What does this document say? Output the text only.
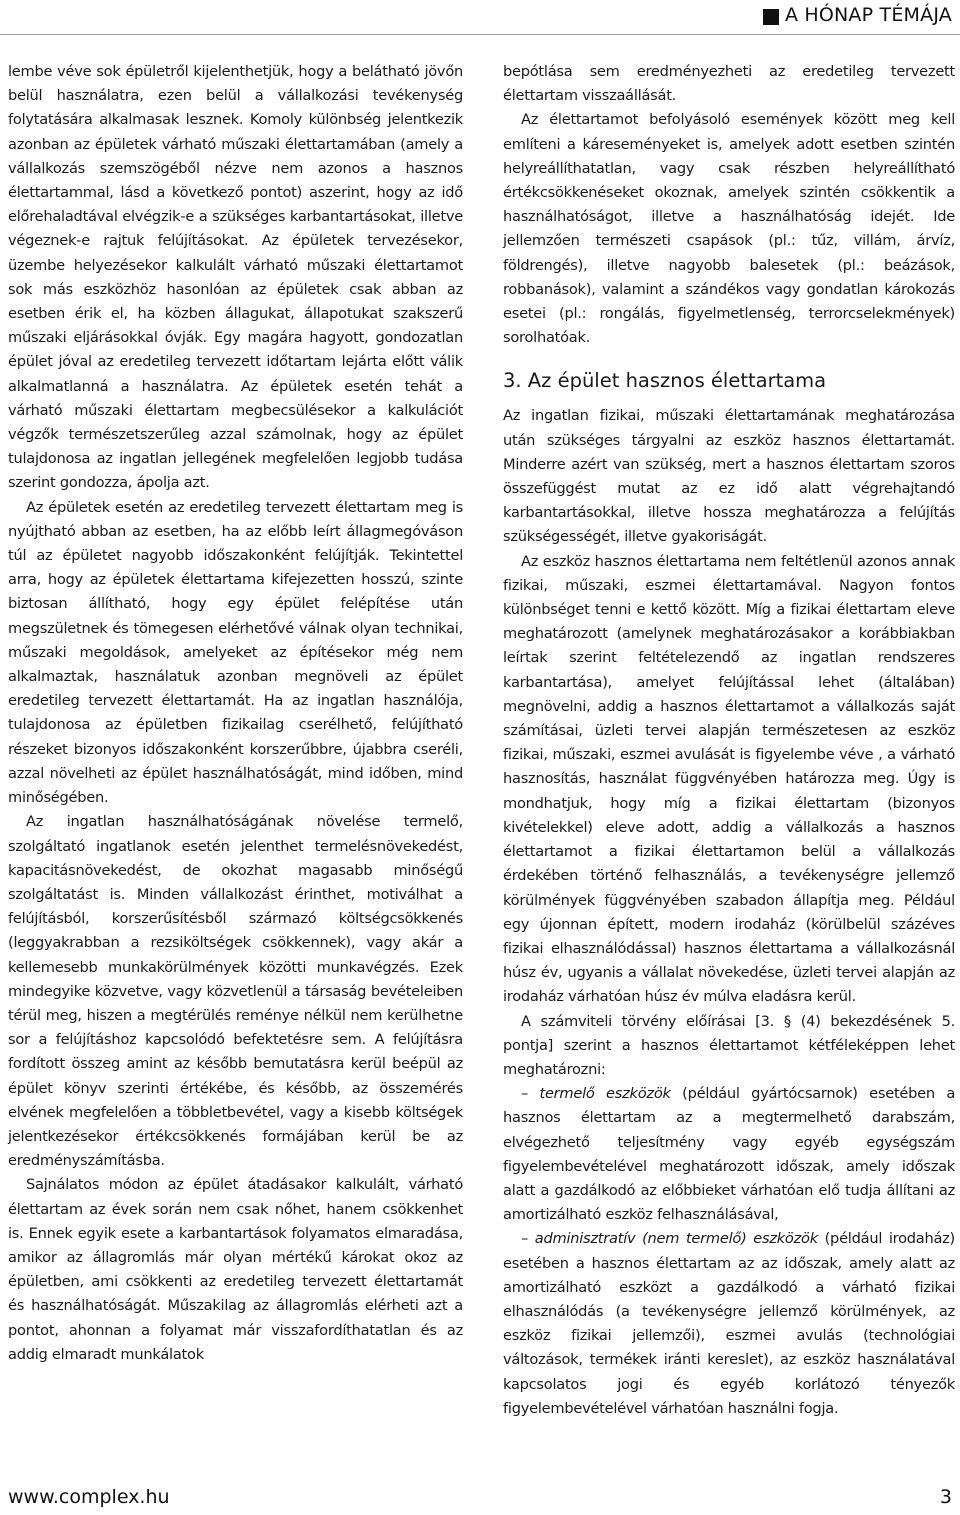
A HÓNAP TÉMÁJA

lembe véve sok épületről kijelenthetjük, hogy a belátható jövőn belül használatra, ezen belül a vállalkozási tevékenység folytatására alkalmasak lesznek. Komoly különbség jelentkezik azonban az épületek várható műszaki élettartamában (amely a vállalkozás szemszögéből nézve nem azonos a hasznos élettartammal, lásd a következő pontot) aszerint, hogy az idő előrehaladtával elvégzik-e a szükséges karbantartásokat, illetve végeznek-e rajtuk felújításokat. Az épületek tervezésekor, üzembe helyezésekor kalkulált várható műszaki élettartamot sok más eszközhöz hasonlóan az épületek csak abban az esetben érik el, ha közben állagukat, állapotukat szakszerű műszaki eljárásokkal óvják. Egy magára hagyott, gondozatlan épület jóval az eredetileg tervezett időtartam lejárta előtt válik alkalmatlanná a használatra. Az épületek esetén tehát a várható műszaki élettartam megbecsülésekor a kalkulációt végzők természetszerűleg azzal számolnak, hogy az épület tulajdonosa az ingatlan jellegének megfelelően legjobb tudása szerint gondozza, ápolja azt.

Az épületek esetén az eredetileg tervezett élettartam meg is nyújtható abban az esetben, ha az előbb leírt állagmegóváson túl az épületet nagyobb időszakonként felújítják. Tekintettel arra, hogy az épületek élettartama kifejezetten hosszú, szinte biztosan állítható, hogy egy épület felépítése után megszületnek és tömegesen elérhetővé válnak olyan technikai, műszaki megoldások, amelyeket az építésekor még nem alkalmaztak, használatuk azonban megnöveli az épület eredetileg tervezett élettartamát. Ha az ingatlan használója, tulajdonosa az épületben fizikailag cserélhető, felújítható részeket bizonyos időszakonként korszerűbbre, újabbra cseréli, azzal növelheti az épület használhatóságát, mind időben, mind minőségében.

Az ingatlan használhatóságának növelése termelő, szolgáltató ingatlanok esetén jelenthet termelésnövekedést, kapacitásnövekedést, de okozhat magasabb minőségű szolgáltatást is. Minden vállalkozást érinthet, motiválhat a felújításból, korszerűsítésből származó költségcsökkenés (leggyakrabban a rezsiköltségek csökkennek), vagy akár a kellemesebb munkakörülmények közötti munkavégzés. Ezek mindegyike közvetve, vagy közvetlenül a társaság bevételeiben térül meg, hiszen a megtérülés reménye nélkül nem kerülhetne sor a felújításhoz kapcsolódó befektetésre sem. A felújításra fordított összeg amint az később bemutatásra kerül beépül az épület könyv szerinti értékébe, és később, az összemérés elvének megfelelően a többletbevétel, vagy a kisebb költségek jelentkezésekor értékcsökkenés formájában kerül be az eredményszámításba.

Sajnálatos módon az épület átadásakor kalkulált, várható élettartam az évek során nem csak nőhet, hanem csökkenhet is. Ennek egyik esete a karbantartások folyamatos elmaradása, amikor az állagromlás már olyan mértékű károkat okoz az épületben, ami csökkenti az eredetileg tervezett élettartamát és használhatóságát. Műszakilag az állagromlás elérheti azt a pontot, ahonnan a folyamat már visszafordíthatatlan és az addig elmaradt munkálatok

bepótlása sem eredményezheti az eredetileg tervezett élettartam visszaállását.

Az élettartamot befolyásoló események között meg kell említeni a káreseményeket is, amelyek adott esetben szintén helyreállíthatatlan, vagy csak részben helyreállítható értékcsökkenéseket okoznak, amelyek szintén csökkentik a használhatóságot, illetve a használhatóság idejét. Ide jellemzően természeti csapások (pl.: tűz, villám, árvíz, földrengés), illetve nagyobb balesetek (pl.: beázások, robbanások), valamint a szándékos vagy gondatlan károkozás esetei (pl.: rongálás, figyelmetlenség, terrorcselekmények) sorolhatóak.

3. Az épület hasznos élettartama

Az ingatlan fizikai, műszaki élettartamának meghatározása után szükséges tárgyalni az eszköz hasznos élettartamát. Minderre azért van szükség, mert a hasznos élettartam szoros összefüggést mutat az ez idő alatt végrehajtandó karbantartásokkal, illetve hossza meghatározza a felújítás szükségességét, illetve gyakoriságát.

Az eszköz hasznos élettartama nem feltétlenül azonos annak fizikai, műszaki, eszmei élettartamával. Nagyon fontos különbséget tenni e kettő között. Míg a fizikai élettartam eleve meghatározott (amelynek meghatározásakor a korábbiakban leírtak szerint feltételezendő az ingatlan rendszeres karbantartása), amelyet felújítással lehet (általában) megnövelni, addig a hasznos élettartamot a vállalkozás saját számításai, üzleti tervei alapján természetesen az eszköz fizikai, műszaki, eszmei avulását is figyelembe véve , a várható hasznosítás, használat függvényében határozza meg. Úgy is mondhatjuk, hogy míg a fizikai élettartam (bizonyos kivételekkel) eleve adott, addig a vállalkozás a hasznos élettartamot a fizikai élettartamon belül a vállalkozás érdekében történő felhasználás, a tevékenységre jellemző körülmények függvényében szabadon állapítja meg. Például egy újonnan épített, modern irodaház (körülbelül százéves fizikai elhasználódással) hasznos élettartama a vállalkozásnál húsz év, ugyanis a vállalat növekedése, üzleti tervei alapján az irodaház várhatóan húsz év múlva eladásra kerül.

A számviteli törvény előírásai [3. § (4) bekezdésének 5. pontja] szerint a hasznos élettartamot kétféleképpen lehet meghatározni:

– termelő eszközök (például gyártócsarnok) esetében a hasznos élettartam az a megtermelhető darabszám, elvégezhető teljesítmény vagy egyéb egységszám figyelembevételével meghatározott időszak, amely időszak alatt a gazdálkodó az előbbieket várhatóan elő tudja állítani az amortizálható eszköz felhasználásával,

– adminisztratív (nem termelő) eszközök (például irodaház) esetében a hasznos élettartam az az időszak, amely alatt az amortizálható eszközt a gazdálkodó a várható fizikai elhasználódás (a tevékenységre jellemző körülmények, az eszköz fizikai jellemzői), eszmei avulás (technológiai változások, termékek iránti kereslet), az eszköz használatával kapcsolatos jogi és egyéb korlátozó tényezők figyelembevételével várhatóan használni fogja.

www.complex.hu	3
